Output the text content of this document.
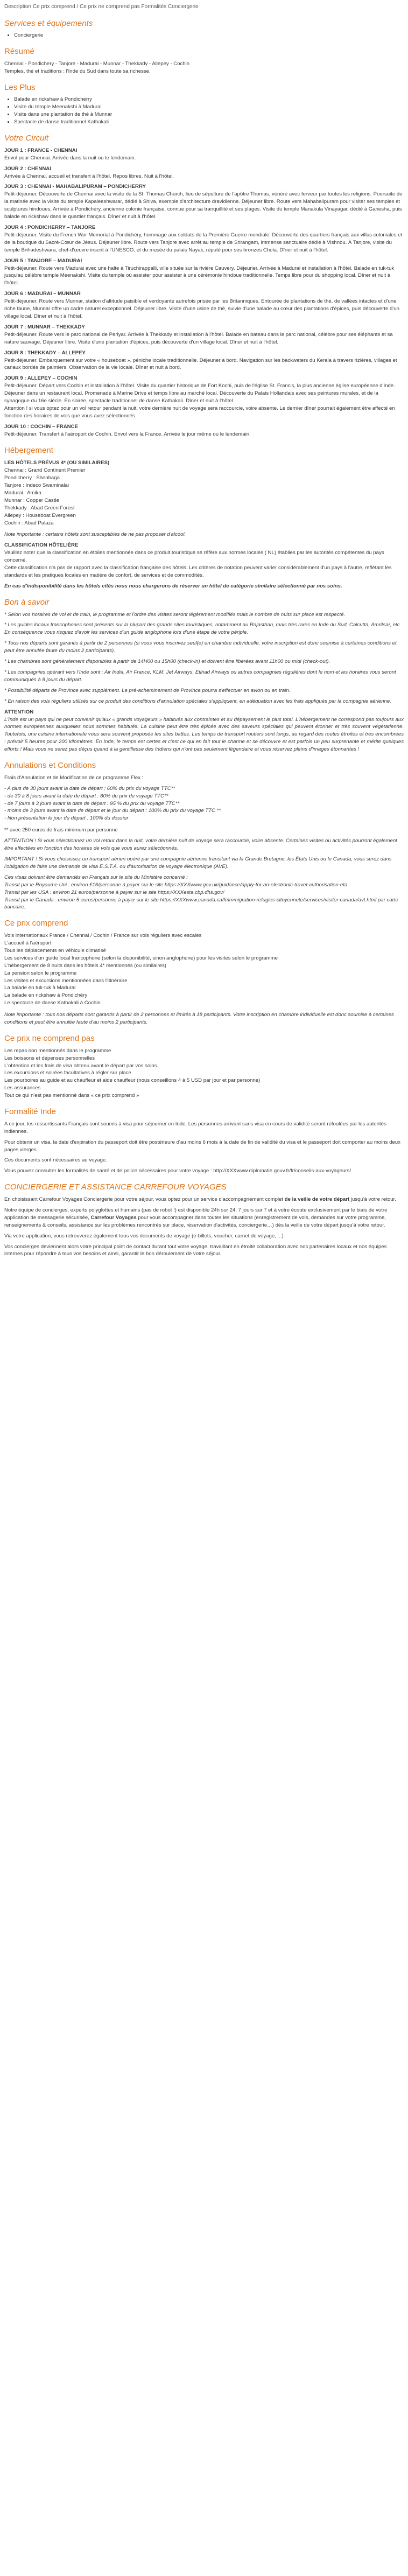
Description Ce prix comprend / Ce prix ne comprend pas Formalités Conciergerie
Services et équipements
• Conciergerie
Résumé
Chennai - Pondichery - Tanjore - Madurai - Munnar - Thekkady - Allepey - Cochin
Temples, thé et traditions : l'Inde du Sud dans toute sa richesse.
Les Plus
• Balade en rickshaw à Pondicherry
• Visite du temple Meenakshi à Madurai
• Visite dans une plantation de thé à Munnar
• Spectacle de danse traditionnel Kathakali
Votre Circuit
JOUR 1 : FRANCE - CHENNAI
Envol pour Chennai. Arrivée dans la nuit ou le lendemain.
JOUR 2 : CHENNAI
Arrivée à Chennai, accueil et transfert à l'hôtel. Repos libres. Nuit à l'hôtel.
JOUR 3 : CHENNAI - MAHABALIPURAM – PONDICHERRY
Petit-déjeuner. Découverte de Chennai avec la visite de la St. Thomas Church, lieu de sépulture de l'apôtre Thomas, vénéré avec ferveur par toutes les religions. Poursuite de la matinée avec la visite du temple Kapaleeshwarar, dédié à Shiva, exemple d'architecture dravidienne. Déjeuner libre. Route vers Mahabalipuram pour visiter ses temples et sculptures hindoues, Arrivée à Pondichéry, ancienne colonie française, connue pour sa tranquillité et ses plages. Visite du temple Manakula Vinayagar, dédié à Ganesha, puis balade en rickshaw dans le quartier français. Dîner et nuit à l'hôtel.
JOUR 4 : PONDICHERRY – TANJORE
Petit-déjeuner. Visite du French Wor Memorial à Pondichéry, hommage aux soldats de la Première Guerre mondiale. Découverte des quartiers français aux villas coloniales et de la boutique du Sacré-Cœur de Jésus. Déjeuner libre. Route vers Tanjore avec arrêt au temple de Srirangam, immense sanctuaire dédié à Vishnou. À Tanjore, visite du temple Brihadeshwara, chef-d'œuvre inscrit à l'UNESCO, et du musée du palais Nayak, réputé pour ses bronzes Chola. Dîner et nuit à l'hôtel.
JOUR 5 : TANJORE – MADURAI
Petit-déjeuner. Route vers Madurai avec une halte à Tiruchirappalli, ville située sur la rivière Cauvery. Déjeuner. Arrivée à Madurai et installation à l'hôtel. Balade en tuk-tuk jusqu'au célèbre temple Meenakshi. Visite du temple où assister pour assister à une cérémonie hindoue traditionnelle. Temps libre pour du shopping local. Dîner et nuit à l'hôtel.
JOUR 6 : MADURAI – MUNNAR
Petit-déjeuner. Route vers Munnar, station d'altitude paisible et verdoyante autrefois prisée par les Britanniques. Entourée de plantations de thé, de vallées intactes et d'une riche faune, Munnar offre un cadre naturel exceptionnel. Déjeuner libre. Visite d'une usine de thé, suivie d'une balade au cœur des plantations d'épices, puis découverte d'un village local. Dîner et nuit à l'hôtel.
JOUR 7 : MUNNAR – THEKKADY
Petit-déjeuner. Route vers le parc national de Periyar. Arrivée à Thekkady et installation à l'hôtel. Balade en bateau dans le parc national, célèbre pour ses éléphants et sa nature sauvage. Déjeuner libre. Visite d'une plantation d'épices, puis découverte d'un village local. Dîner et nuit à l'hôtel.
JOUR 8 : THEKKADY – ALLEPEY
Petit-déjeuner. Embarquement sur votre « houseboat », péniche locale traditionnelle. Déjeuner à bord. Navigation sur les backwaters du Kerala à travers rizières, villages et canaux bordés de palmiers. Observation de la vie locale. Dîner et nuit à bord.
JOUR 9 : ALLEPEY – COCHIN
Petit-déjeuner. Départ vers Cochin et installation à l'hôtel. Visite du quartier historique de Fort Kochi, puis de l'église St. Francis, la plus ancienne église européenne d'Inde. Déjeuner dans un restaurant local. Promenade à Marine Drive et temps libre au marché local. Découverte du Palais Hollandais avec ses peintures murales, et de la synagogue du 16e siècle. En soirée, spectacle traditionnel de danse Kathakali. Dîner et nuit à l'hôtel.
Attention ! si vous optez pour un vol retour pendant la nuit, votre dernière nuit de voyage sera raccourcie, voire absente. Le dernier dîner pourrait également être affecté en fonction des horaires de vols que vous avez sélectionnés.
JOUR 10 : COCHIN – FRANCE
Petit-déjeuner. Transfert à l'aéroport de Cochin. Envol vers la France. Arrivée le jour même ou le lendemain.
Hébergement
LES HÔTELS PRÉVUS 4* (OU SIMILAIRES)
Chennai : Grand Continent Premier
Pondicherry : Shenbaga
Tanjore : Indeco Swaminalai
Madurai : Amika
Munnar : Copper Castle
Thekkady : Abad Green Forest
Allepey : Houseboat Evergreen
Cochin : Abad Palaza

Note importante : certains hôtels sont susceptibles de ne pas proposer d'alcool.

CLASSIFICATION HÔTELIÈRE

Veuillez noter que la classification en étoiles mentionnée dans ce produit touristique se réfère aux normes locales ( NL) établies par les autorités compétentes du pays concerné.
Cette classification n'a pas de rapport avec la classification française des hôtels. Les critères de notation peuvent varier considérablement d'un pays à l'autre, reflétant les standards et les pratiques locales en matière de confort, de services et de commodités.

En cas d'indisponibilité dans les hôtels cités nous nous chargerons de réserver un hôtel de catégorie similaire sélectionné par nos soins.

Bon à savoir

* Selon vos horaires de vol et de train, le programme et l'ordre des visites seront légèrement modifiés mais le nombre de nuits sur place est respecté.

* Les guides locaux francophones sont présents sur la plupart des grands sites touristiques, notamment au Rajasthan, mais très rares en Inde du Sud, Calcutta, Amritsar, etc. En conséquence vous risquez d'avoir les services d'un guide anglophone lors d'une étape de votre périple.

* Tous nos départs sont garantis à partir de 2 personnes (si vous vous inscrivez seul(e) en chambre individuelle, votre inscription est donc soumise à certaines conditions et peut être annulée faute du moins 2 participants).

* Les chambres sont généralement disponibles à partir de 14H00 ou 15h00 (check-in) et doivent être libérées avant 11h00 ou midi (check-out).

* Les compagnies opérant vers l'Inde sont : Air India, Air France, KLM, Jet Airways, Etihad Airways ou autres compagnies régulières dont le nom et les horaires vous seront communiqués à 8 jours du départ.

* Possibilité départs de Province avec supplément. Le pré-acheminement de Province pourra s'effectuer en avion ou en train.

* En raison des vols réguliers utilisés sur ce produit des conditions d'annulation spéciales s'appliquent, en adéquation avec les frais appliqués par la compagnie aérienne.

ATTENTION

L'Inde est un pays qui ne peut convenir qu'aux « grands voyageurs » habitués aux contraintes et au dépaysement le plus total. L'hébergement ne correspond pas toujours aux normes européennes auxquelles nous sommes habitués. La cuisine peut être très épicée avec des saveurs spéciales qui peuvent étonner et très souvent végétarienne. Toutefois, une cuisine internationale vous sera souvent proposée les sites battus. Les temps de transport routiers sont longs, au regard des routes étroites et très encombrées : prévoir 5 heures pour 200 kilomètres. En Inde, le temps est certes et c'est ce qui en fait tout le charme et se découvre et est parfois un peu surprenante et mérite quelques efforts ! Mais vous ne serez pas déçus quand à la gentillesse des Indiens qui n'ont pas seulement légendaire et vous réservez pleins d'images étonnantes !

Annulations et Conditions

Frais d'Annulation et de Modification de ce programme Flex :

- A plus de 30 jours avant la date de départ : 60% du prix du voyage TTC**
- de 30 à 8 jours avant la date de départ : 80% du prix du voyage TTC**
- de 7 jours à 3 jours avant la date de départ : 95 % du prix du voyage TTC**
- moins de 3 jours avant la date de départ et le jour du départ : 100% du prix du voyage TTC **
- Non présentation le jour du départ : 100% du dossier

** avec 250 euros de frais minimum par personne

ATTENTION ! Si vous sélectionnez un vol retour dans la nuit, votre dernière nuit de voyage sera raccourcie, voire absente. Certaines visites ou activités pourront également être affectées en fonction des horaires de vols que vous aurez sélectionnés.

IMPORTANT ! Si vous choisissez un transport aérien opéré par une compagnie aérienne transitant via la Grande Bretagne, les États Unis ou le Canada, vous serez dans l'obligation de faire une demande de visa E.S.T.A. ou d'autorisation de voyage électronique (AVE).

Ces visas doivent être demandés en Français sur le site du Ministère concerné :
Transit par le Royaume Uni : environ £16/personne à payer sur le site https://XXXwww.gov.uk/guidance/apply-for-an-electronic-travel-authorisation-eta
Transit par les USA : environ 21 euros/personne à payer sur le site https://XXXesta.cbp.dhs.gov/
Transit par le Canada : environ 5 euros/personne à payer sur le site https://XXXwww.canada.ca/fr/immigration-refugies-citoyennete/services/visiter-canada/avt.html par carte bancaire.

Ce prix comprend
Vols internationaux France / Chennai / Cochin / France sur vols réguliers avec escales
L'accueil à l'aéroport
Tous les déplacements en véhicule climatisé
Les services d'un guide local francophone (selon la disponibilité, sinon anglophone) pour les visites selon le programme
L'hébergement de 8 nuits dans les hôtels 4* mentionnés (ou similaires)
La pension selon le programme
Les visites et excursions mentionnées dans l'itinéraire
La balade en tuk-tuk à Madurai
La balade en rickshaw à Pondichéry
Le spectacle de danse Kathakali à Cochin

Note importante : tous nos départs sont garantis à partir de 2 personnes et limités à 18 participants. Votre inscription en chambre individuelle est donc soumise à certaines conditions et peut être annulée faute d'au moins 2 participants.

Ce prix ne comprend pas
Les repas non mentionnés dans le programme
Les boissons et dépenses personnelles
L'obtention et les frais de visa obtenu avant le départ par vos soins.
Les excursions et soirées facultatives à régler sur place
Les pourboires au guide et au chauffeur et aide chauffeur (nous conseillons 4 à 5 USD par jour et par personne)
Les assurances
Tout ce qui n'est pas mentionné dans « ce prix comprend »
Formalité Inde

A ce jour, les ressortissants Français sont soumis à visa pour séjourner en Inde. Les personnes arrivant sans visa en cours de validité seront refoulées par les autorités indiennes.

Pour obtenir un visa, la date d'expiration du passeport doit être postérieure d'au moins 6 mois à la date de fin de validité du visa et le passeport doit comporter au moins deux pages vierges.

Ces documents sont nécessaires au voyage.

Vous pouvez consulter les formalités de santé et de police nécessaires pour votre voyage : http://XXXwww.diplomatie.gouv.fr/fr/conseils-aux-voyageurs/

CONCIERGERIE ET ASSISTANCE CARREFOUR VOYAGES

En choisissant Carrefour Voyages Conciergerie pour votre séjour, vous optez pour un service d'accompagnement complet de la veille de votre départ jusqu'à votre retour.

Notre équipe de concierges, experts polyglottes et humains (pas de robot !) est disponible 24h sur 24, 7 jours sur 7 et à votre écoute exclusivement par le biais de votre application de messagerie sécurisée, Carrefour Voyages pour vous accompagner dans toutes les situations (enregistrement de vols, demandes sur votre programme, renseignements & conseils, assistance sur les problèmes rencontrés sur place, réservation d'activités, conciergerie…) dès la veille de votre départ jusqu'à votre retour.

Via votre application, vous retrouverez également tous vos documents de voyage (e-billets, voucher, carnet de voyage, ...)

Vos concierges deviennent alors votre principal point de contact durant tout votre voyage, travaillant en étroite collaboration avec nos partenaires locaux et nos équipes internes pour répondre à tous vos besoins et ainsi, garantir le bon déroulement de votre séjour.
